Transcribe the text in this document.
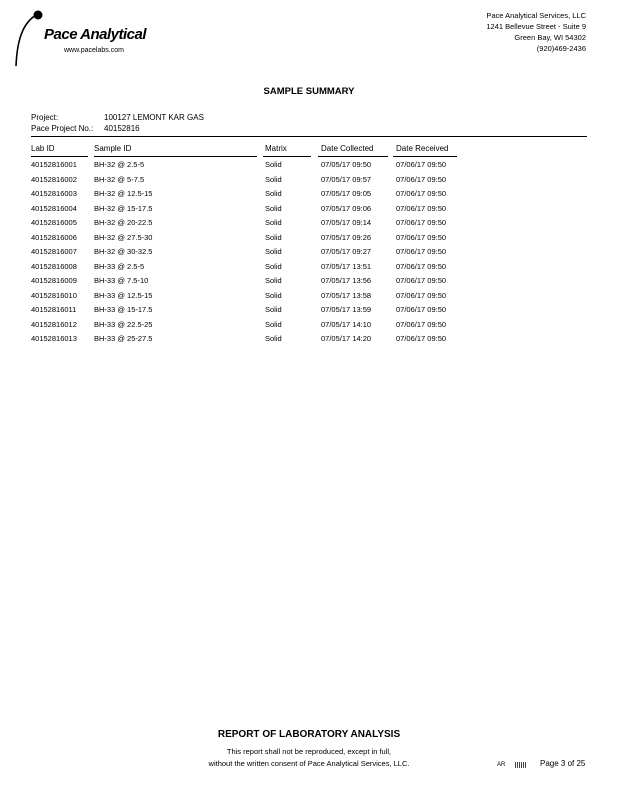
Pace Analytical
www.pacelabs.com
Pace Analytical Services, LLC
1241 Bellevue Street - Suite 9
Green Bay, WI 54302
(920)469-2436
SAMPLE SUMMARY
Project:	100127 LEMONT KAR GAS
Pace Project No.:	40152816
Lab ID	Sample ID	Matrix	Date Collected	Date Received
40152816001 BH-32 @ 2.5-5	Solid	07/05/17 09:50	07/06/17 09:50
40152816002 BH-32 @ 5-7.5	Solid	07/05/17 09:57	07/06/17 09:50
40152816003 BH-32 @ 12.5-15	Solid	07/05/17 09:05	07/06/17 09:50
40152816004 BH-32 @ 15-17.5	Solid	07/05/17 09:06	07/06/17 09:50
40152816005 BH-32 @ 20-22.5	Solid	07/05/17 09:14	07/06/17 09:50
40152816006 BH-32 @ 27.5-30	Solid	07/05/17 09:26	07/06/17 09:50
40152816007 BH-32 @ 30-32.5	Solid	07/05/17 09:27	07/06/17 09:50
40152816008 BH-33 @ 2.5-5	Solid	07/05/17 13:51	07/06/17 09:50
40152816009 BH-33 @ 7.5-10	Solid	07/05/17 13:56	07/06/17 09:50
40152816010 BH-33 @ 12.5-15	Solid	07/05/17 13:58	07/06/17 09:50
40152816011 BH-33 @ 15-17.5	Solid	07/05/17 13:59	07/06/17 09:50
40152816012 BH-33 @ 22.5-25	Solid	07/05/17 14:10	07/06/17 09:50
40152816013 BH-33 @ 25-27.5	Solid	07/05/17 14:20	07/06/17 09:50
REPORT OF LABORATORY ANALYSIS
This report shall not be reproduced, except in full,
without the written consent of Pace Analytical Services, LLC.	AR	Page 3 of 25
